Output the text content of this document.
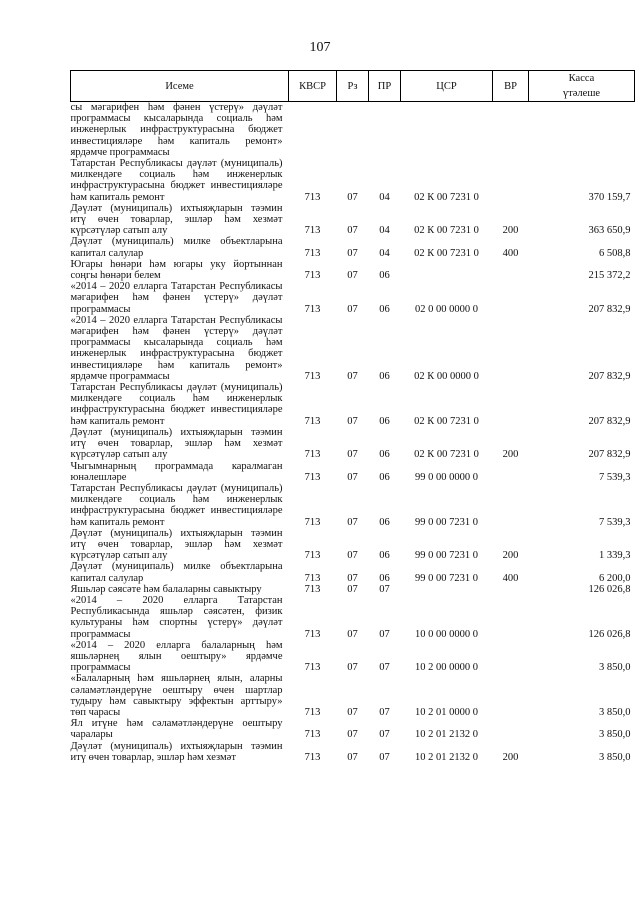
107
Исеме	КВСР	Рз	ПР	ЦСР	ВР	Касса
үтәлеше

сы мәгарифен һәм фәнен үстерү» дәүләт программасы кысаларында социаль һәм инженерлык инфраструктурасына бюджет инвестицияләре һәм капиталь ремонт» ярдәмче программасы						
Татарстан Республикасы дәүләт (муниципаль) милкендәге социаль һәм инженерлык инфраструктурасына бюджет инвестицияләре һәм капиталь ремонт	713	07	04	02 К 00 7231 0		370 159,7
Дәүләт (муниципаль) ихтыяҗларын тәэмин итү өчен товарлар, эшләр һәм хезмәт күрсәтүләр сатып алу	713	07	04	02 К 00 7231 0	200	363 650,9
Дәүләт (муниципаль) милке объектларына капитал салулар	713	07	04	02 К 00 7231 0	400	6 508,8
Югары һөнәри һәм югары уку йортыннан соңгы һөнәри белем	713	07	06			215 372,2
«2014 – 2020 елларга Татарстан Республикасы мәгарифен һәм фәнен үстерү» дәүләт программасы	713	07	06	02 0 00 0000 0		207 832,9
«2014 – 2020 елларга Татарстан Республикасы мәгарифен һәм фәнен үстерү» дәүләт программасы кысаларында социаль һәм инженерлык инфраструктурасына бюджет инвестицияләре һәм капиталь ремонт» ярдәмче программасы	713	07	06	02 К 00 0000 0		207 832,9
Татарстан Республикасы дәүләт (муниципаль) милкендәге социаль һәм инженерлык инфраструктурасына бюджет инвестицияләре һәм капиталь ремонт	713	07	06	02 К 00 7231 0		207 832,9
Дәүләт (муниципаль) ихтыяҗларын тәэмин итү өчен товарлар, эшләр һәм хезмәт күрсәтүләр сатып алу	713	07	06	02 К 00 7231 0	200	207 832,9
Чыгымнарның программада каралмаган юнәлешләре	713	07	06	99 0 00 0000 0		7 539,3
Татарстан Республикасы дәүләт (муниципаль) милкендәге социаль һәм инженерлык инфраструктурасына бюджет инвестицияләре һәм капиталь ремонт	713	07	06	99 0 00 7231 0		7 539,3
Дәүләт (муниципаль) ихтыяҗларын тәэмин итү өчен товарлар, эшләр һәм хезмәт күрсәтүләр сатып алу	713	07	06	99 0 00 7231 0	200	1 339,3
Дәүләт (муниципаль) милке объектларына капитал салулар	713	07	06	99 0 00 7231 0	400	6 200,0
Яшьләр сәясәте һәм балаларны савыктыру	713	07	07			126 026,8
«2014 – 2020 елларга Татарстан Республикасында яшьләр сәясәтен, физик культураны һәм спортны үстерү» дәүләт программасы	713	07	07	10 0 00 0000 0		126 026,8
«2014 – 2020 елларга балаларның һәм яшьләрнең ялын оештыру» ярдәмче программасы	713	07	07	10 2 00 0000 0		3 850,0
«Балаларның һәм яшьләрнең ялын, аларны сәламәтләндерүне оештыру өчен шартлар тудыру һәм савыктыру эффектын арттыру» төп чарасы	713	07	07	10 2 01 0000 0		3 850,0
Ял итүне һәм сәламәтләндерүне оештыру чаралары	713	07	07	10 2 01 2132 0		3 850,0
Дәүләт (муниципаль) ихтыяҗларын тәэмин итү өчен товарлар, эшләр һәм хезмәт	713	07	07	10 2 01 2132 0	200	3 850,0
